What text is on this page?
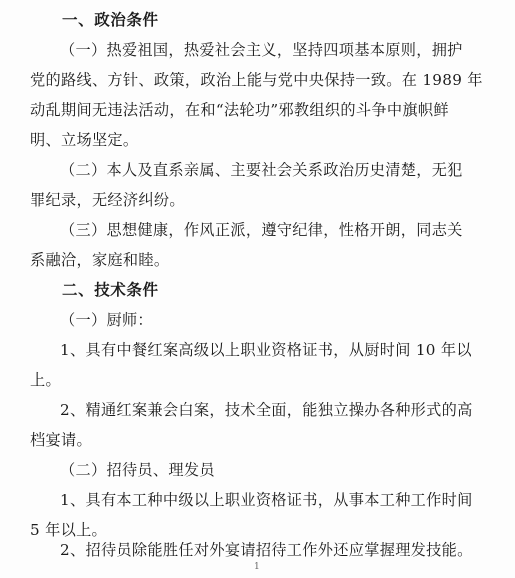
一、政治条件
（一）热爱祖国，热爱社会主义，坚持四项基本原则，拥护
党的路线、方针、政策，政治上能与党中央保持一致。在 1989 年
动乱期间无违法活动，在和“法轮功”邪教组织的斗争中旗帜鲜
明、立场坚定。
（二）本人及直系亲属、主要社会关系政治历史清楚，无犯
罪纪录，无经济纠纷。
（三）思想健康，作风正派，遵守纪律，性格开朗，同志关
系融洽，家庭和睦。
二、技术条件
（一）厨师：
1、具有中餐红案高级以上职业资格证书，从厨时间 10 年以
上。
2、精通红案兼会白案，技术全面，能独立操办各种形式的高
档宴请。
（二）招待员、理发员
1、具有本工种中级以上职业资格证书，从事本工种工作时间
5 年以上。
2、招待员除能胜任对外宴请招待工作外还应掌握理发技能。
1
